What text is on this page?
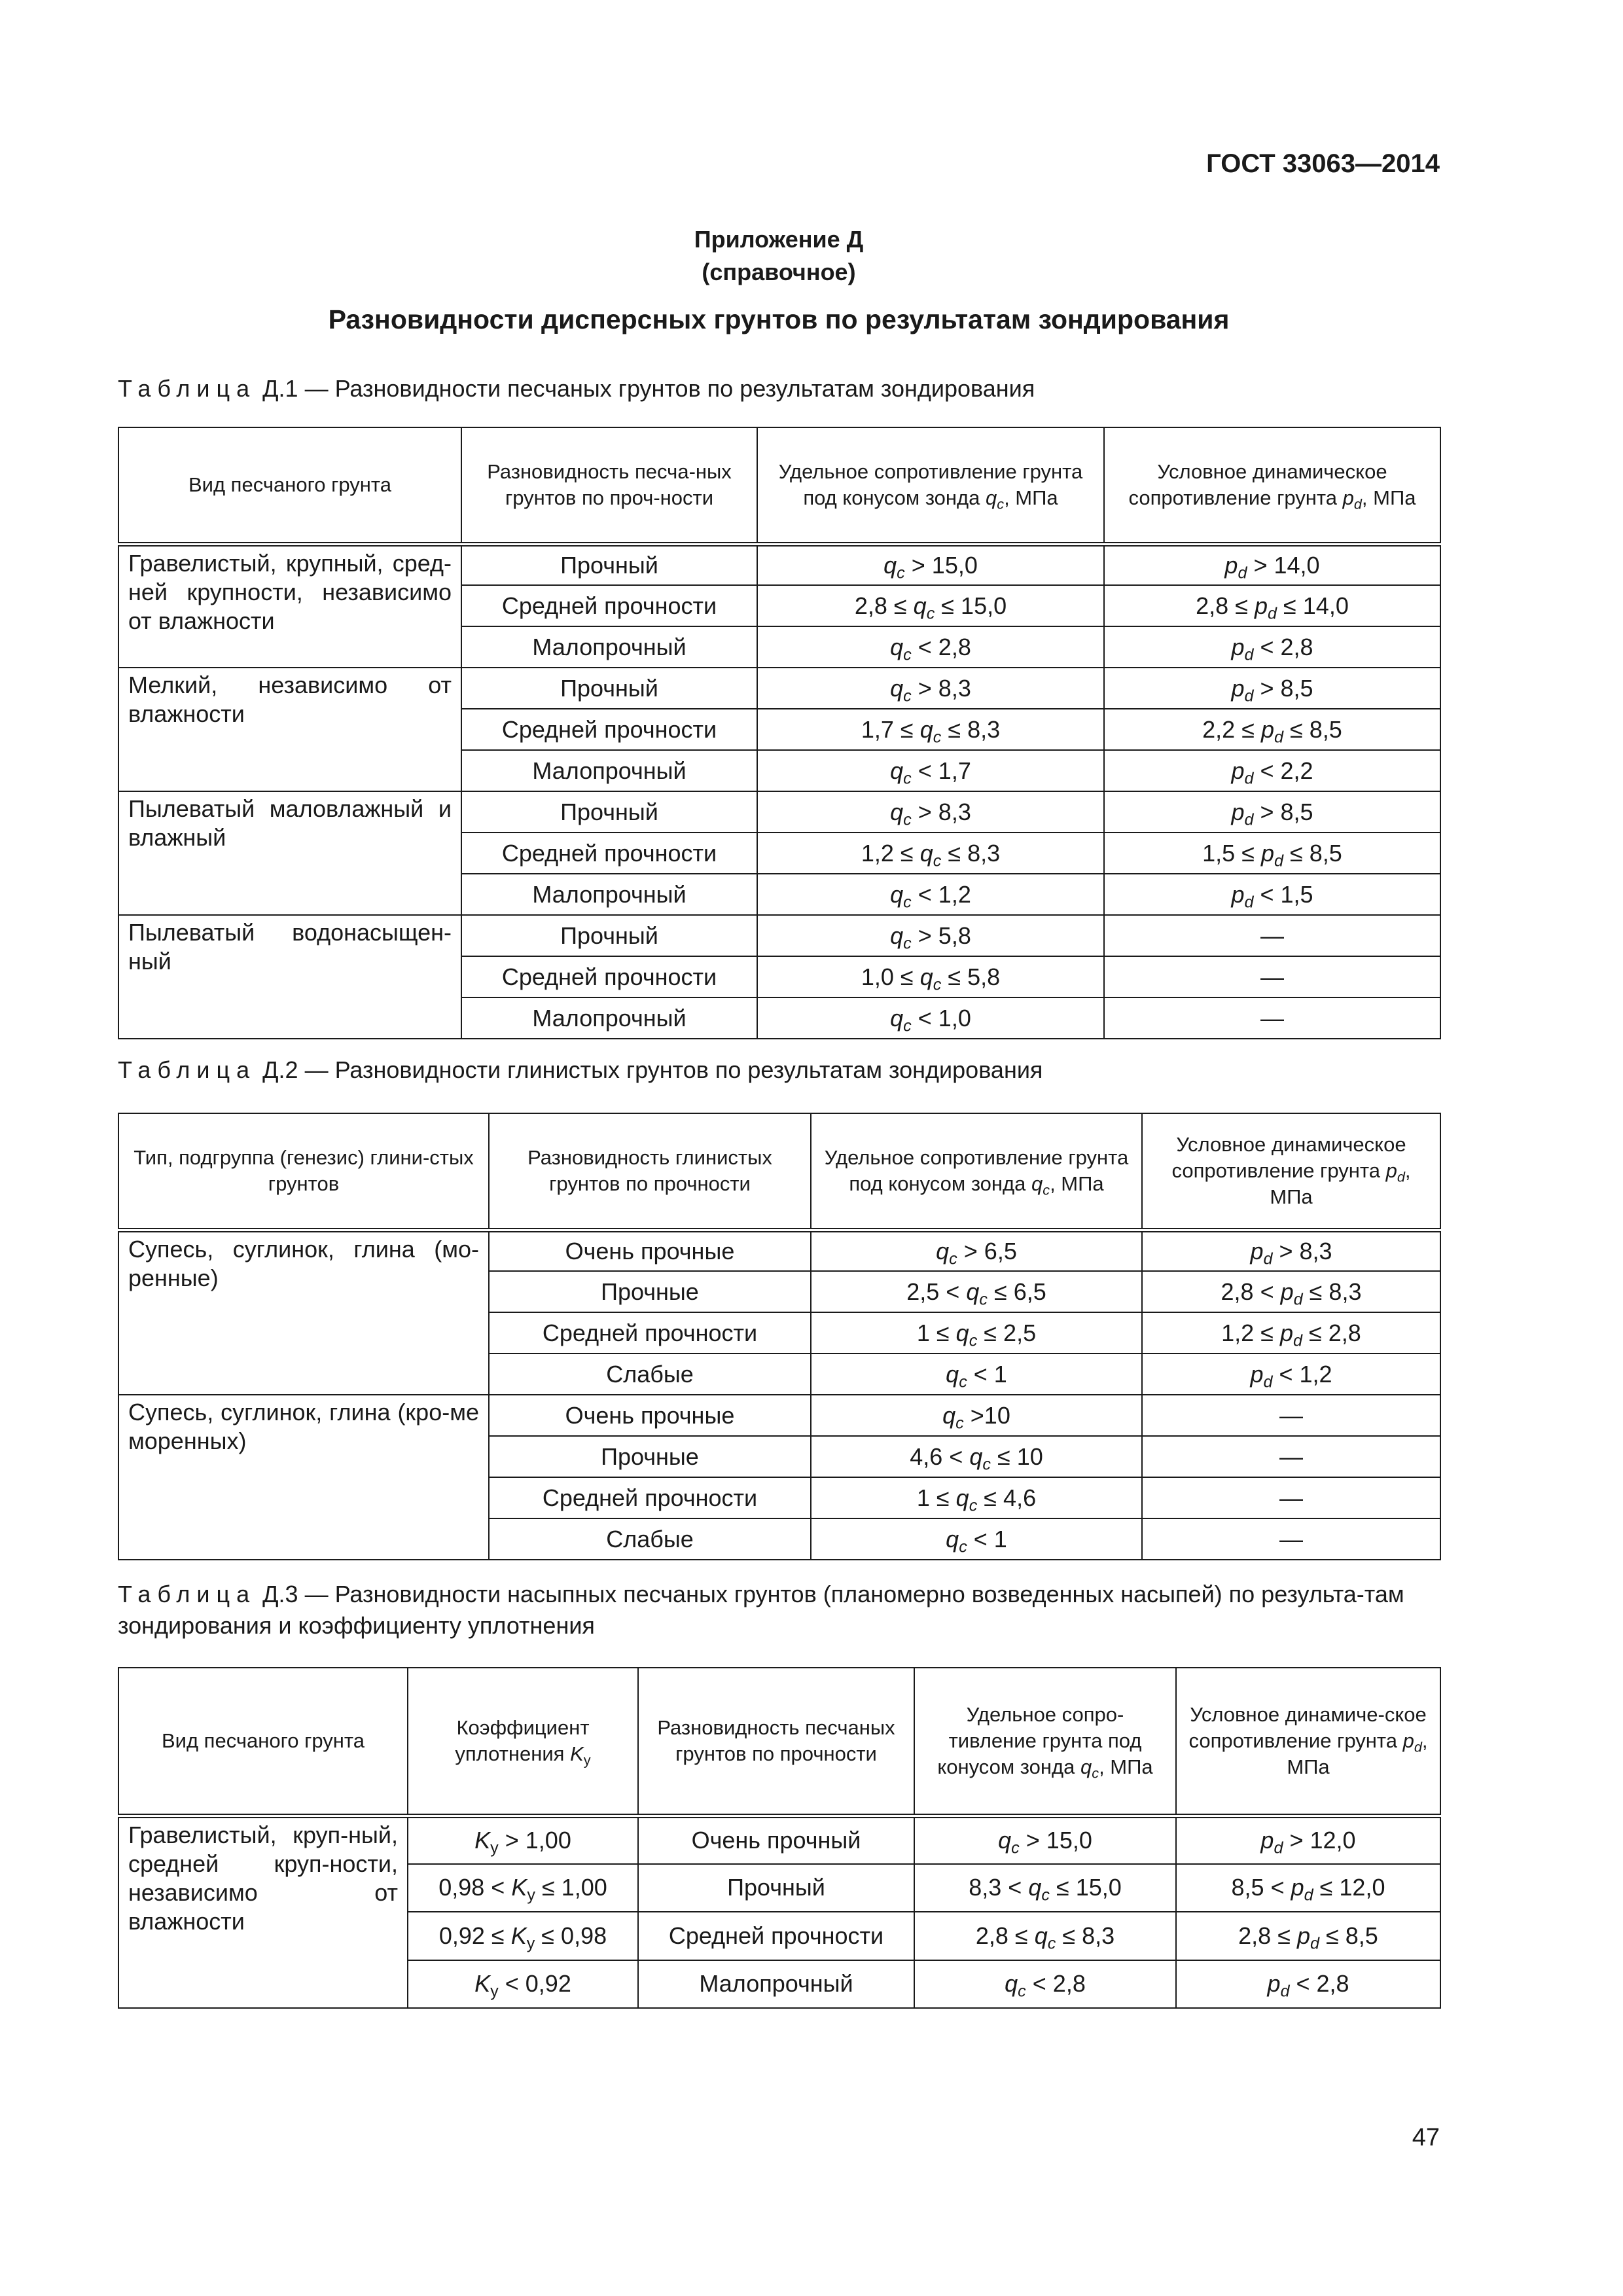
ГОСТ 33063—2014
Приложение Д
(справочное)
Разновидности дисперсных грунтов по результатам зондирования
Таблица Д.1 — Разновидности песчаных грунтов по результатам зондирования
Вид песчаного грунта	Разновидность песча-ных грунтов по проч-ности	Удельное сопротивление грунта под конусом зонда $q_c$, МПа	Условное динамическое сопротивление грунта $p_d$, МПа
Гравелистый, крупный, сред-ней крупности, независимо от влажности	Прочный	$q_c > 15,0$	$p_d > 14,0$
	Средней прочности	$2,8 \le q_c \le 15,0$	$2,8 \le p_d \le 14,0$
	Малопрочный	$q_c < 2,8$	$p_d < 2,8$
Мелкий, независимо от влажности	Прочный	$q_c > 8,3$	$p_d > 8,5$
	Средней прочности	$1,7 \le q_c \le 8,3$	$2,2 \le p_d \le 8,5$
	Малопрочный	$q_c < 1,7$	$p_d < 2,2$
Пылеватый маловлажный и влажный	Прочный	$q_c > 8,3$	$p_d > 8,5$
	Средней прочности	$1,2 \le q_c \le 8,3$	$1,5 \le p_d \le 8,5$
	Малопрочный	$q_c < 1,2$	$p_d < 1,5$
Пылеватый водонасыщен-ный	Прочный	$q_c > 5,8$	—
	Средней прочности	$1,0 \le q_c \le 5,8$	—
	Малопрочный	$q_c < 1,0$	—
Таблица Д.2 — Разновидности глинистых грунтов по результатам зондирования
Тип, подгруппа (генезис) глини-стых грунтов	Разновидность глинистых грунтов по прочности	Удельное сопротивление грунта под конусом зонда $q_c$, МПа	Условное динамическое сопротивление грунта $p_d$, МПа
Супесь, суглинок, глина (мо-ренные)	Очень прочные	$q_c > 6,5$	$p_d > 8,3$
	Прочные	$2,5 < q_c \le 6,5$	$2,8 < p_d \le 8,3$
	Средней прочности	$1 \le q_c \le 2,5$	$1,2 \le p_d \le 2,8$
	Слабые	$q_c < 1$	$p_d < 1,2$
Супесь, суглинок, глина (кро-ме моренных)	Очень прочные	$q_c >10$	—
	Прочные	$4,6 < q_c \le 10$	—
	Средней прочности	$1 \le q_c \le 4,6$	—
	Слабые	$q_c < 1$	—
Таблица Д.3 — Разновидности насыпных песчаных грунтов (планомерно возведенных насыпей) по результа-там зондирования и коэффициенту уплотнения
Вид песчаного грунта	Коэффициент уплотнения $K_y$	Разновидность песчаных грунтов по прочности	Удельное сопро-тивление грунта под конусом зонда $q_c$, МПа	Условное динамиче-ское сопротивление грунта $p_d$, МПа
Гравелистый, круп-ный, средней круп-ности, независимо от влажности	$K_y > 1,00$	Очень прочный	$q_c > 15,0$	$p_d > 12,0$
	$0,98 < K_y \le 1,00$	Прочный	$8,3 < q_c \le 15,0$	$8,5 < p_d \le 12,0$
	$0,92 \le K_y \le 0,98$	Средней прочности	$2,8 \le q_c \le 8,3$	$2,8 \le p_d \le 8,5$
	$K_y < 0,92$	Малопрочный	$q_c < 2,8$	$p_d < 2,8$
47
